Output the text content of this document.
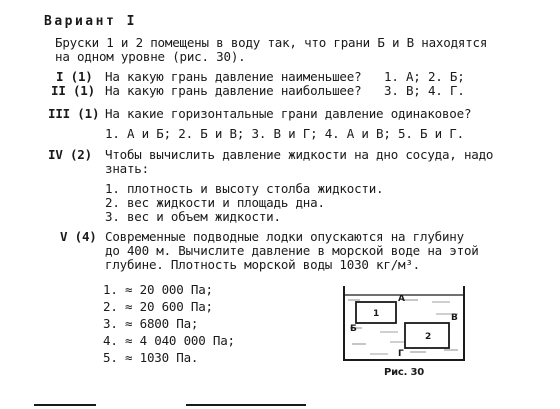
Вариант I
Бруски 1 и 2 помещены в воду так, что грани Б и В находятся
на одном уровне (рис. 30).
I (1) На какую грань давление наименьшее? 1. А; 2. Б;
II (1) На какую грань давление наибольшее? 3. В; 4. Г.
III (1) На какие горизонтальные грани давление одинаковое?
1. А и Б; 2. Б и В; 3. В и Г; 4. А и В; 5. Б и Г.
IV (2) Чтобы вычислить давление жидкости на дно сосуда, надо
знать:
1. плотность и высоту столба жидкости.
2. вес жидкости и площадь дна.
3. вес и объем жидкости.
V (4) Современные подводные лодки опускаются на глубину
до 400 м. Вычислите давление в морской воде на этой
глубине. Плотность морской воды 1030 кг/м³.
1. ≈ 20 000 Па;
2. ≈ 20 600 Па;
3. ≈ 6800 Па;
4. ≈ 4 040 000 Па;
5. ≈ 1030 Па.
1
2
А
Б
В
Г
Рис. 30
